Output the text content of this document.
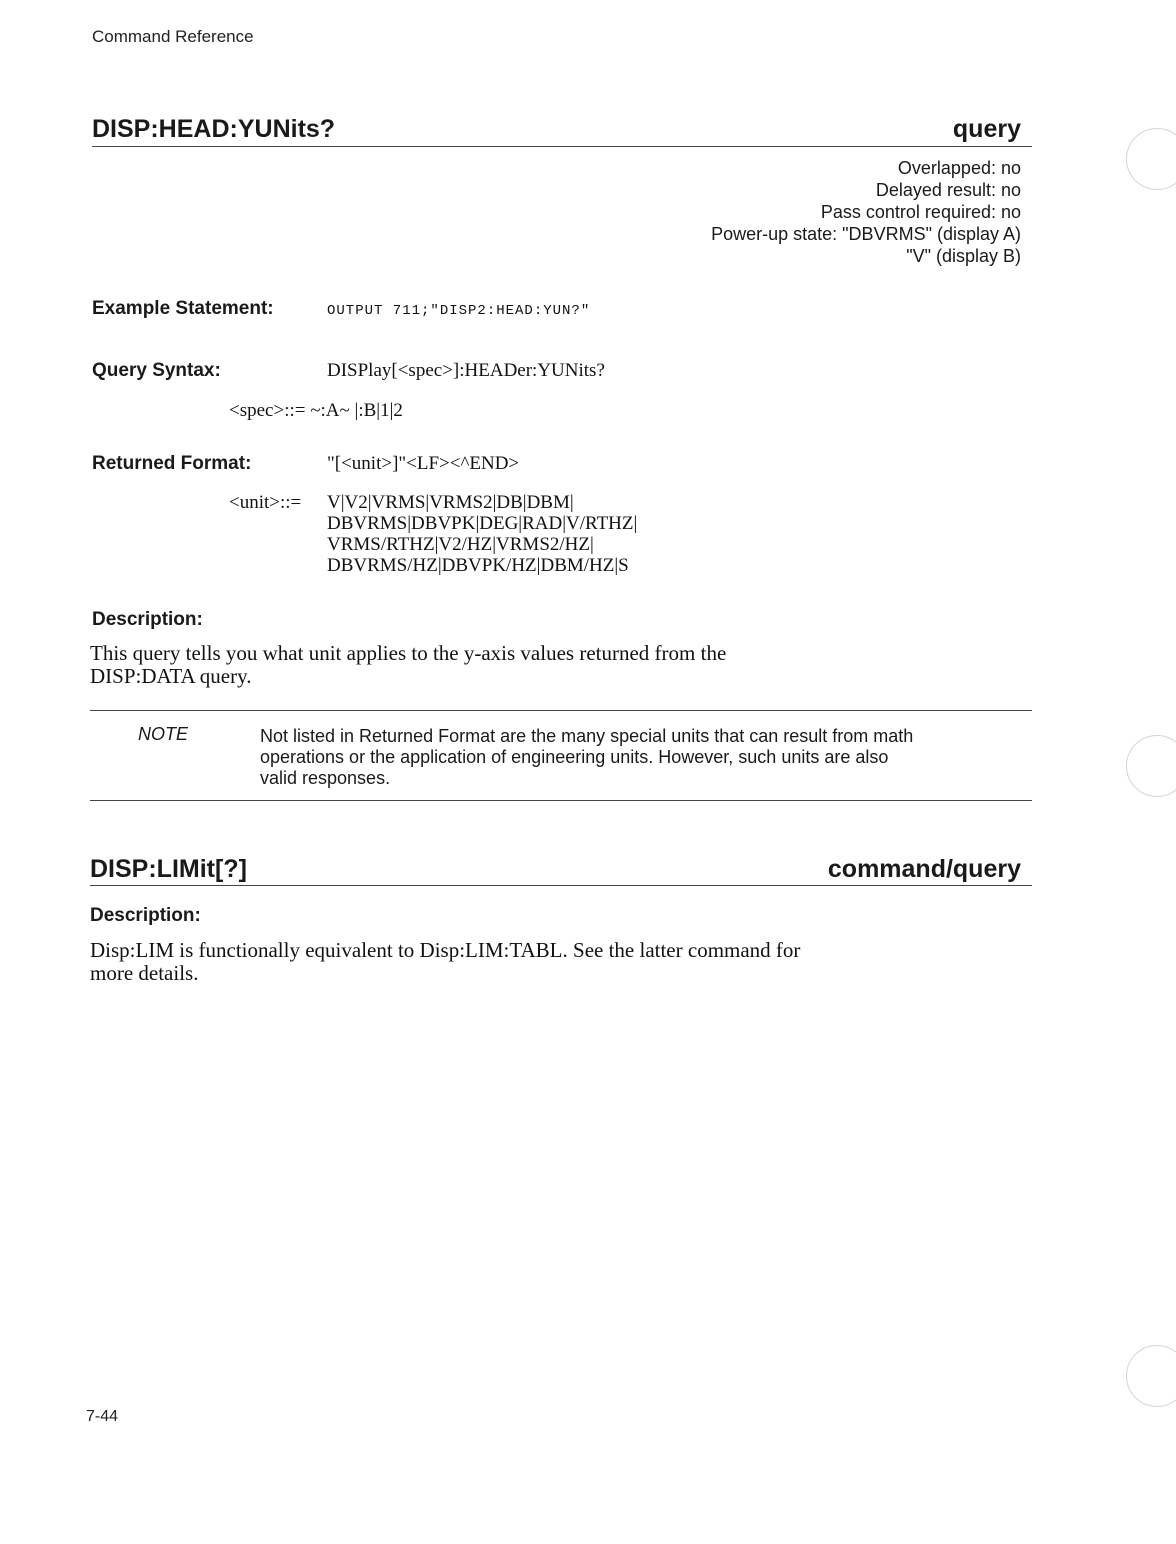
Command Reference
DISP:HEAD:YUNits?	query
Overlapped: no
Delayed result: no
Pass control required: no
Power-up state: "DBVRMS" (display A)
"V" (display B)
Example Statement:	OUTPUT 711;"DISP2:HEAD:YUN?"
Query Syntax:	DISPlay[<spec>]:HEADer:YUNits?
<spec>::= ~:A~ |:B|1|2
Returned Format:	"[<unit>]"<LF><^END>
<unit>::= V|V2|VRMS|VRMS2|DB|DBM|
DBVRMS|DBVPK|DEG|RAD|V/RTHZ|
VRMS/RTHZ|V2/HZ|VRMS2/HZ|
DBVRMS/HZ|DBVPK/HZ|DBM/HZ|S
Description:
This query tells you what unit applies to the y-axis values returned from the
DISP:DATA query.
NOTE	Not listed in Returned Format are the many special units that can result from math
operations or the application of engineering units. However, such units are also
valid responses.
DISP:LIMit[?]	command/query
Description:
Disp:LIM is functionally equivalent to Disp:LIM:TABL. See the latter command for
more details.
7-44
